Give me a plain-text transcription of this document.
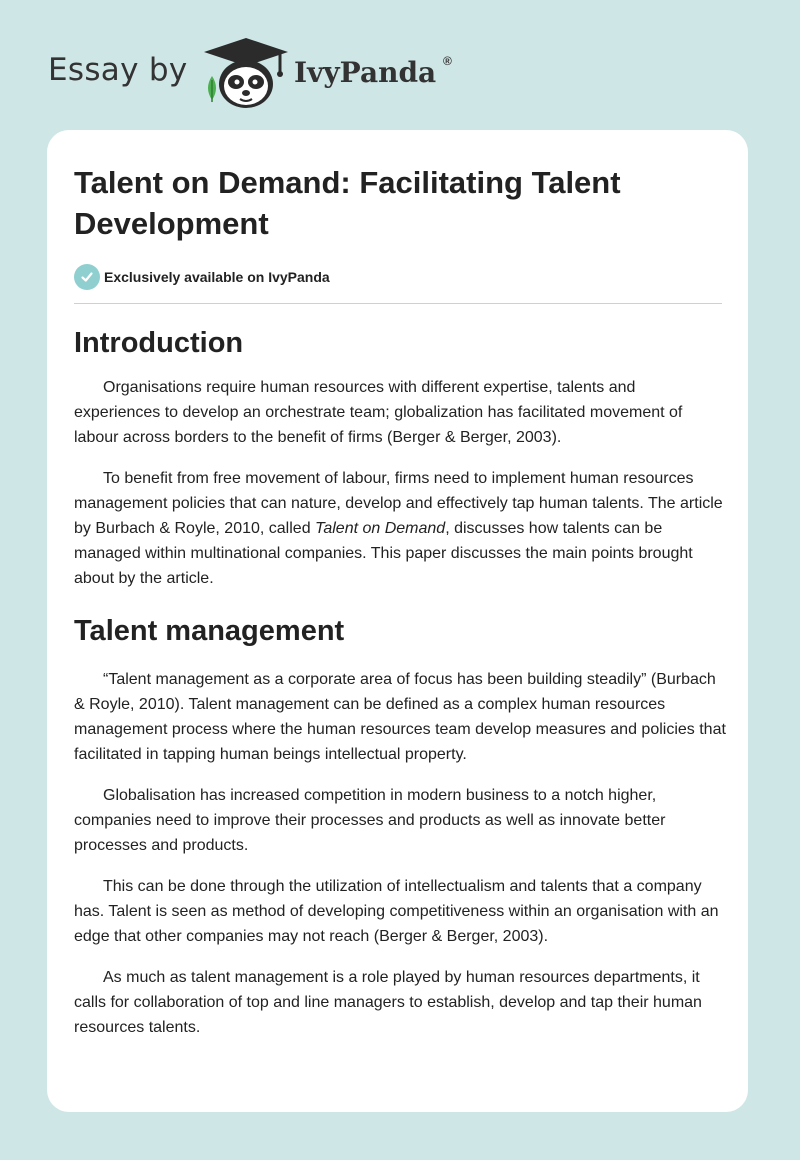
Essay by	IvyPanda ®
Talent on Demand: Facilitating Talent Development
Exclusively available on IvyPanda
Introduction

Organisations require human resources with different expertise, talents and experiences to develop an orchestrate team; globalization has facilitated movement of labour across borders to the benefit of firms (Berger & Berger, 2003).

To benefit from free movement of labour, firms need to implement human resources management policies that can nature, develop and effectively tap human talents. The article by Burbach & Royle, 2010, called Talent on Demand, discusses how talents can be managed within multinational companies. This paper discusses the main points brought about by the article.

Talent management

“Talent management as a corporate area of focus has been building steadily” (Burbach & Royle, 2010). Talent management can be defined as a complex human resources management process where the human resources team develop measures and policies that facilitated in tapping human beings intellectual property.

Globalisation has increased competition in modern business to a notch higher, companies need to improve their processes and products as well as innovate better processes and products.

This can be done through the utilization of intellectualism and talents that a company has. Talent is seen as method of developing competitiveness within an organisation with an edge that other companies may not reach (Berger & Berger, 2003).

As much as talent management is a role played by human resources departments, it calls for collaboration of top and line managers to establish, develop and tap their human resources talents.
